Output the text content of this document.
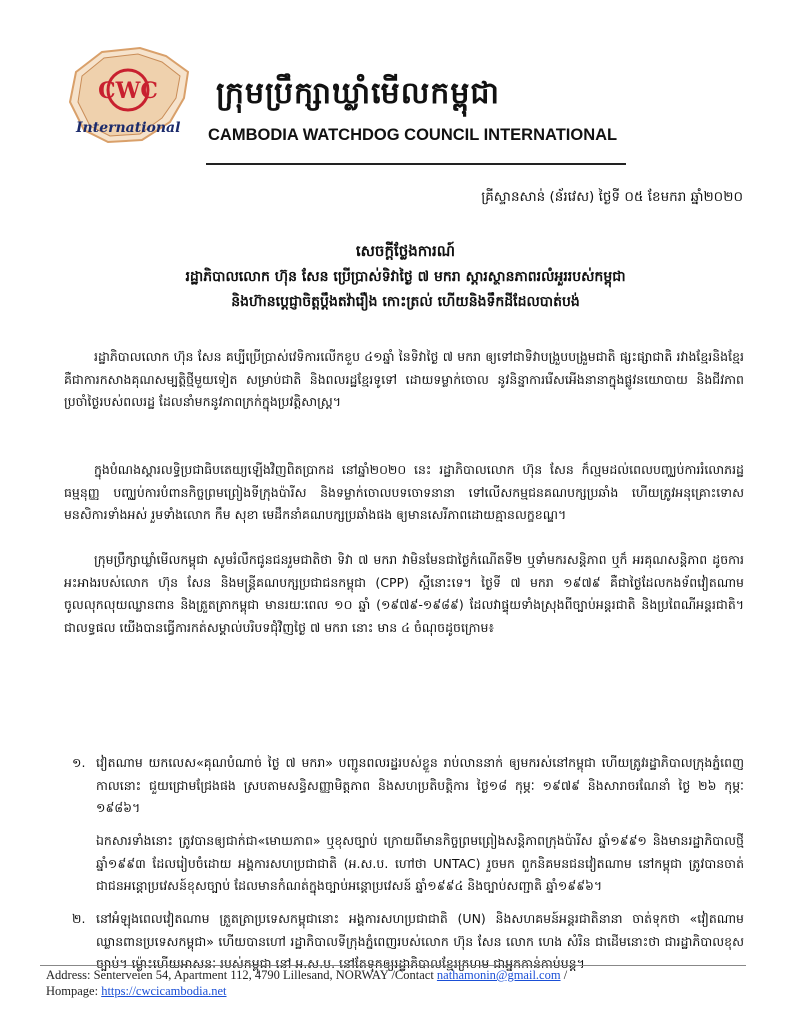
CWC
International
ក្រុមប្រឹក្សាឃ្លាំមើលកម្ពុជា
CAMBODIA WATCHDOG COUNCIL INTERNATIONAL
គ្រីស្ទានសាន់ (ន័រវេស) ថ្ងៃទី ០៥ ខែមករា ឆ្នាំ២០២០
សេចក្តីថ្លែងការណ៍
រដ្ឋាភិបាលលោក ហ៊ុន សែន ប្រើប្រាស់ទិវាថ្ងៃ ៧ មករា ស្តារស្ថានភាពរលំអួររបស់កម្ពុជា
និងហ៊ានប្តេជ្ញាចិត្តប្តឹងតវ៉ារឿង កោះត្រល់ ហើយនិងទឹកដីដែលបាត់បង់
រដ្ឋាភិបាលលោក ហ៊ុន សែន គប្បីប្រើប្រាស់វេទិការលើកខួប ៤១ឆ្នាំ នៃទិវាថ្ងៃ ៧ មករា ឲ្យទៅជាទិវាបង្រួបបង្រួមជាតិ ផ្សះផ្សាជាតិ រវាងខ្មែរនិងខ្មែរ គឺជាការកសាងគុណសម្បត្តិថ្មីមួយទៀត សម្រាប់ជាតិ និងពលរដ្ឋខ្មែរទូទៅ ដោយទម្លាក់ចោល នូវនិន្នាការរើសអើងនានាក្នុងផ្លូវនយោបាយ និងជីវភាពប្រចាំថ្ងៃរបស់ពលរដ្ឋ ដែលនាំមកនូវភាពក្រក់ក្នុងប្រវត្តិសាស្ត្រ។
ក្នុងបំណងស្តារលទ្ធិប្រជាធិបតេយ្យឡើងវិញពិតប្រាកដ នៅឆ្នាំ២០២០ នេះ រដ្ឋាភិបាលលោក ហ៊ុន សែន ក៏ល្មមដល់ពេលបញ្ឈប់ការរំលោភរដ្ឋធម្មនុញ្ញ បញ្ឈប់ការបំពានកិច្ចព្រមព្រៀងទីក្រុងប៉ារីស និងទម្លាក់ចោលបទចោទនានា ទៅលើសកម្មជនគណបក្សប្រឆាំង ហើយត្រូវអនុគ្រោះទោសមនសិការទាំងអស់ រួមទាំងលោក កឹម សុខា មេដឹកនាំគណបក្សប្រឆាំងផង ឲ្យមានសេរីភាពដោយគ្មានលក្ខខណ្ឌ។
ក្រុមប្រឹក្សាឃ្លាំមើលកម្ពុជា សូមរំលឹកជូនជនរួមជាតិថា ទិវា ៧ មករា វាមិនមែនជាថ្ងៃកំណើតទី២ ឬទាំមករសន្តិភាព ឬក៏ អរគុណសន្តិភាព ដូចការអះអាងរបស់លោក ហ៊ុន សែន និងមន្ត្រីគណបក្សប្រជាជនកម្ពុជា (CPP) ស្អីនោះទេ។ ថ្ងៃទី ៧ មករា ១៩៧៩ គឺជាថ្ងៃដែលកងទ័ពវៀតណាម ចូលលុកលុយឈ្លានពាន និងត្រួតត្រាកម្ពុជា មានរយៈពេល ១០ ឆ្នាំ (១៩៧៩-១៩៨៩) ដែលវាផ្ទុយទាំងស្រុងពីច្បាប់អន្តរជាតិ និងប្រពៃណីអន្តរជាតិ។ ជាលទ្ធផល យើងបានធ្វើការកត់សម្គាល់បរិបទជុំវិញថ្ងៃ ៧ មករា នោះ មាន ៤ ចំណុចដូចក្រោម៖
១. វៀតណាម យកលេស«គុណបំណាច់ ថ្ងៃ ៧ មករា» បញ្ជូនពលរដ្ឋរបស់ខ្លួន រាប់លាននាក់ ឲ្យមករស់នៅកម្ពុជា ហើយត្រូវរដ្ឋាភិបាលក្រុងភ្នំពេញកាលនោះ ជួយជ្រោមជ្រែងផង ស្របតាមសន្ធិសញ្ញាមិត្តភាព និងសហប្រតិបត្តិការ ថ្ងៃ១៨ កុម្ភៈ ១៩៧៩ និងសារាចរណែនាំ ថ្ងៃ ២៦ កុម្ភៈ ១៩៨៦។
ឯកសារទាំងនោះ ត្រូវបានឲ្យជាក់ជា«មោឃភាព» ឬខុសច្បាប់ ក្រោយពីមានកិច្ចព្រមព្រៀងសន្តិភាពក្រុងប៉ារីស ឆ្នាំ១៩៩១ និងមានរដ្ឋាភិបាលថ្មី ឆ្នាំ១៩៩៣ ដែលរៀបចំដោយ អង្គការសហប្រជាជាតិ (អ.ស.ប. ហៅថា UNTAC) រួចមក ពួកនិគមនជនវៀតណាម នៅកម្ពុជា ត្រូវបានចាត់ជាជនអន្តោប្រវេសន៍ខុសច្បាប់ ដែលមានកំណត់ក្នុងច្បាប់អន្តោប្រវេសន៍ ឆ្នាំ១៩៩៤ និងច្បាប់សញ្ជាតិ ឆ្នាំ១៩៩៦។
២. នៅអំឡុងពេលវៀតណាម ត្រួតត្រាប្រទេសកម្ពុជានោះ អង្គការសហប្រជាជាតិ (UN) និងសហគមន៍អន្តរជាតិនានា ចាត់ទុកថា «វៀតណាមឈ្លានពានប្រទេសកម្ពុជា» ហើយបានហៅ រដ្ឋាភិបាលទីក្រុងភ្នំពេញរបស់លោក ហ៊ុន សែន លោក ហេង សំរិន ជាដើមនោះថា ជារដ្ឋាភិបាលខុសច្បាប់។ ម្ល៉ោះហើយអាសនៈ របស់កម្ពុជា នៅ អ.ស.ប. នៅតែទុកឲ្យរដ្ឋាភិបាលខ្មែរក្រហម ជាអ្នកកាន់កាប់បន្ត។
Address: Senterveien 54, Apartment 112, 4790 Lillesand, NORWAY /Contact nathamonin@gmail.com /
Hompage: https://cwcicambodia.net
